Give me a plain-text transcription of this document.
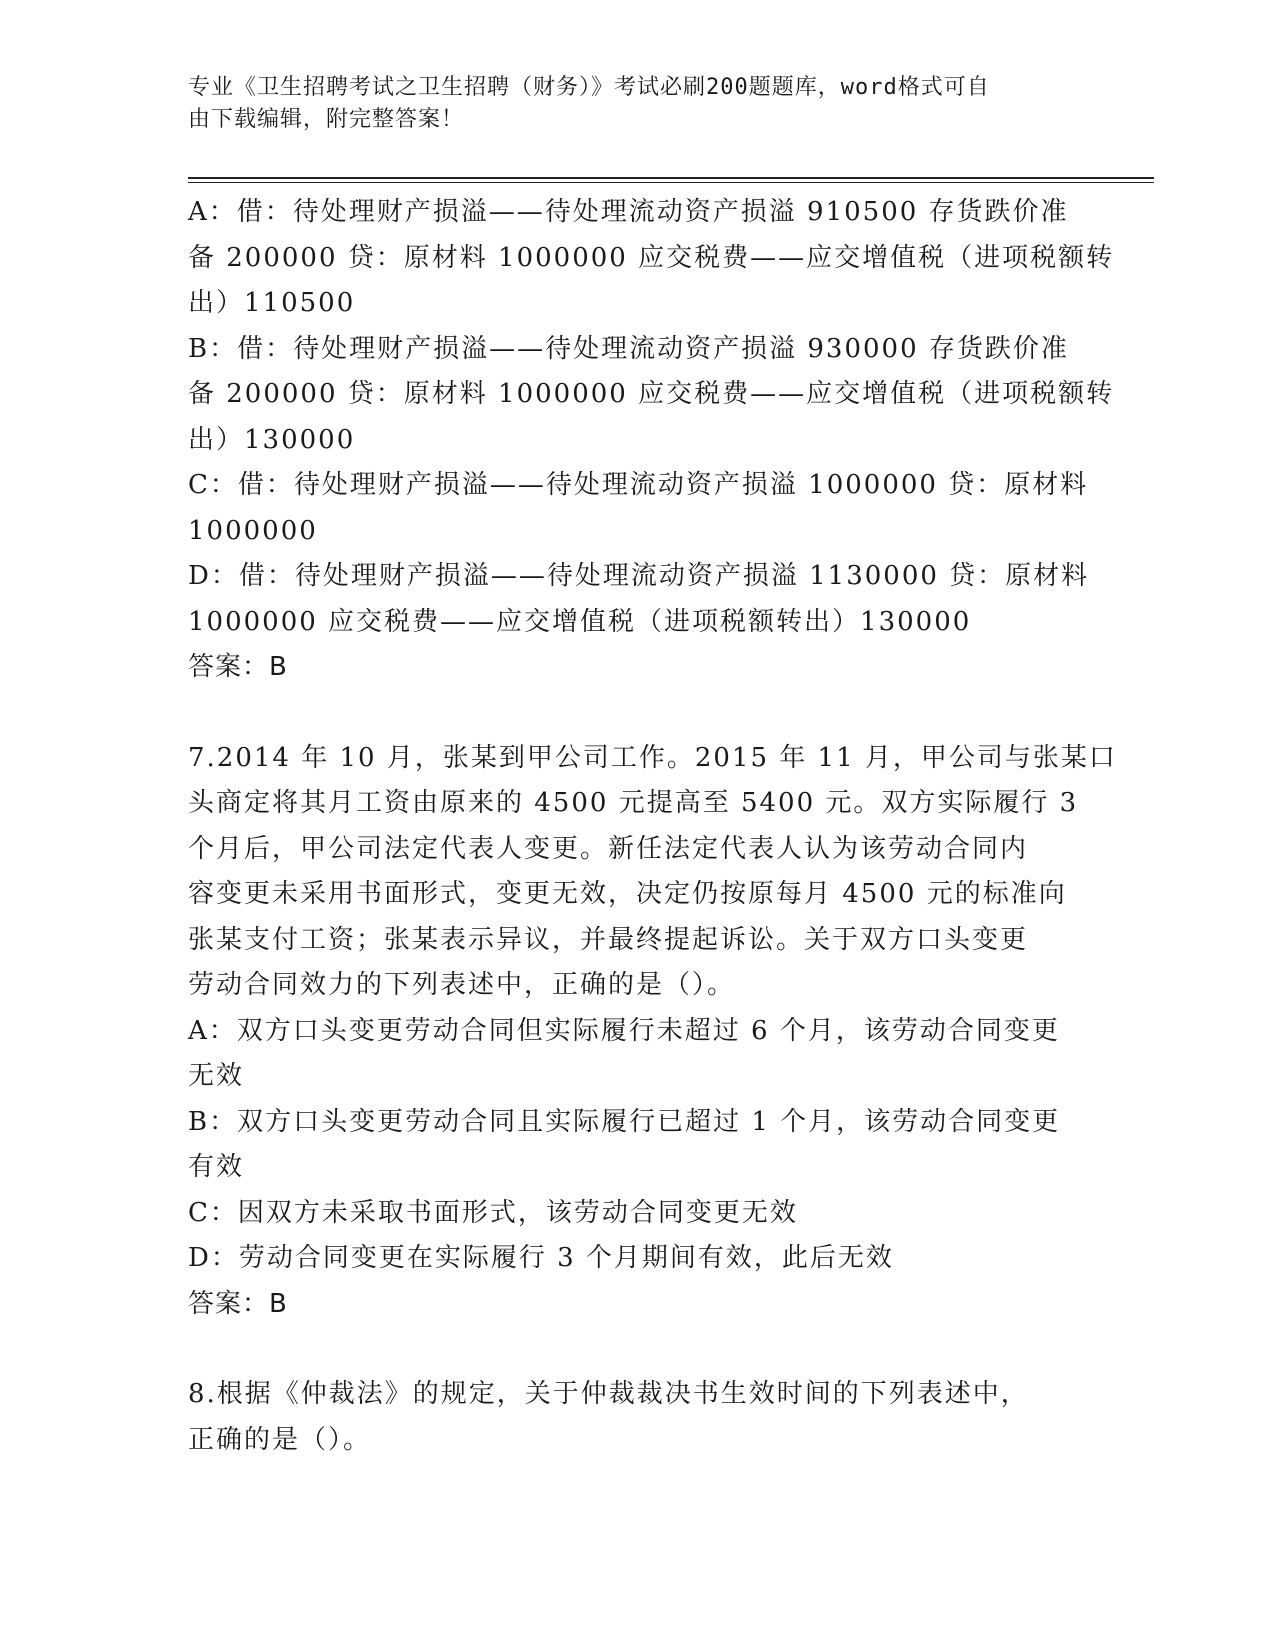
专业《卫生招聘考试之卫生招聘（财务）》考试必刷200题题库，word格式可自
由下载编辑，附完整答案！
A：借：待处理财产损溢——待处理流动资产损溢 910500 存货跌价准
备 200000 贷：原材料 1000000 应交税费——应交增值税（进项税额转
出）110500
B：借：待处理财产损溢——待处理流动资产损溢 930000 存货跌价准
备 200000 贷：原材料 1000000 应交税费——应交增值税（进项税额转
出）130000
C：借：待处理财产损溢——待处理流动资产损溢 1000000 贷：原材料
1000000
D：借：待处理财产损溢——待处理流动资产损溢 1130000 贷：原材料
1000000 应交税费——应交增值税（进项税额转出）130000
答案：B
7.2014 年 10 月，张某到甲公司工作。2015 年 11 月，甲公司与张某口
头商定将其月工资由原来的 4500 元提高至 5400 元。双方实际履行 3
个月后，甲公司法定代表人变更。新任法定代表人认为该劳动合同内
容变更未采用书面形式，变更无效，决定仍按原每月 4500 元的标准向
张某支付工资；张某表示异议，并最终提起诉讼。关于双方口头变更
劳动合同效力的下列表述中，正确的是（）。
A：双方口头变更劳动合同但实际履行未超过 6 个月，该劳动合同变更
无效
B：双方口头变更劳动合同且实际履行已超过 1 个月，该劳动合同变更
有效
C：因双方未采取书面形式，该劳动合同变更无效
D：劳动合同变更在实际履行 3 个月期间有效，此后无效
答案：B
8.根据《仲裁法》的规定，关于仲裁裁决书生效时间的下列表述中，
正确的是（）。
